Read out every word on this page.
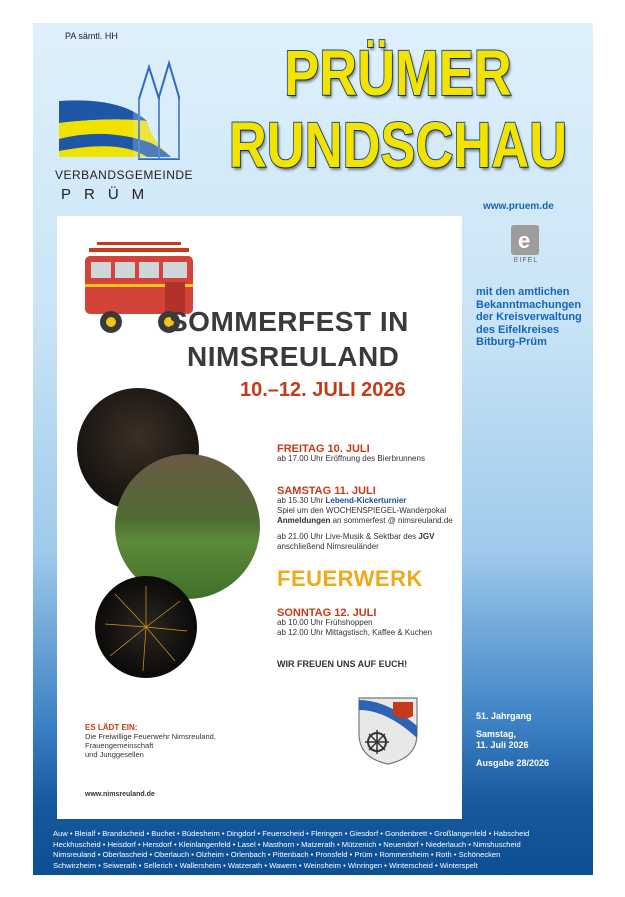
PA sämtl. HH
VERBANDSGEMEINDE
PRÜM
PRÜMER
RUNDSCHAU
www.pruem.de
e
EIFEL
mit den amtlichen
Bekanntmachungen
der Kreisverwaltung
des Eifelkreises
Bitburg-Prüm
SOMMERFEST IN
NIMSREULAND
10.–12. JULI 2026
FREITAG 10. JULI
ab 17.00 Uhr Eröffnung des Bierbrunnens
SAMSTAG 11. JULI
ab 15.30 Uhr Lebend-Kickerturnier
Spiel um den WOCHENSPIEGEL-Wanderpokal
Anmeldungen an sommerfest @ nimsreuland.de
ab 21.00 Uhr Live-Musik & Sektbar des JGV
anschließend Nimsreuländer
FEUERWERK
SONNTAG 12. JULI
ab 10.00 Uhr Frühshoppen
ab 12.00 Uhr Mittagstisch, Kaffee & Kuchen
WIR FREUEN UNS AUF EUCH!
ES LÄDT EIN:
Die Freiwillige Feuerwehr Nimsreuland,
Frauengemeinschaft
und Junggesellen
www.nimsreuland.de
51. Jahrgang
Samstag,
11. Juli 2026
Ausgabe 28/2026
Auw • Bleialf • Brandscheid • Buchet • Büdesheim • Dingdorf • Feuerscheid • Fleringen • Giesdorf • Gondenbrett • Großlangenfeld • Habscheid
Heckhuscheid • Heisdorf • Hersdorf • Kleinlangenfeld • Lasel • Masthorn • Matzerath • Mützenich • Neuendorf • Niederlauch • Nimshuscheid
Nimsreuland • Oberlascheid • Oberlauch • Olzheim • Orlenbach • Pittenbach • Pronsfeld • Prüm • Rommersheim • Roth • Schönecken
Schwirzheim • Seiwerath • Sellerich • Wallersheim • Watzerath • Wawern • Weinsheim • Winringen • Winterscheid • Winterspelt
